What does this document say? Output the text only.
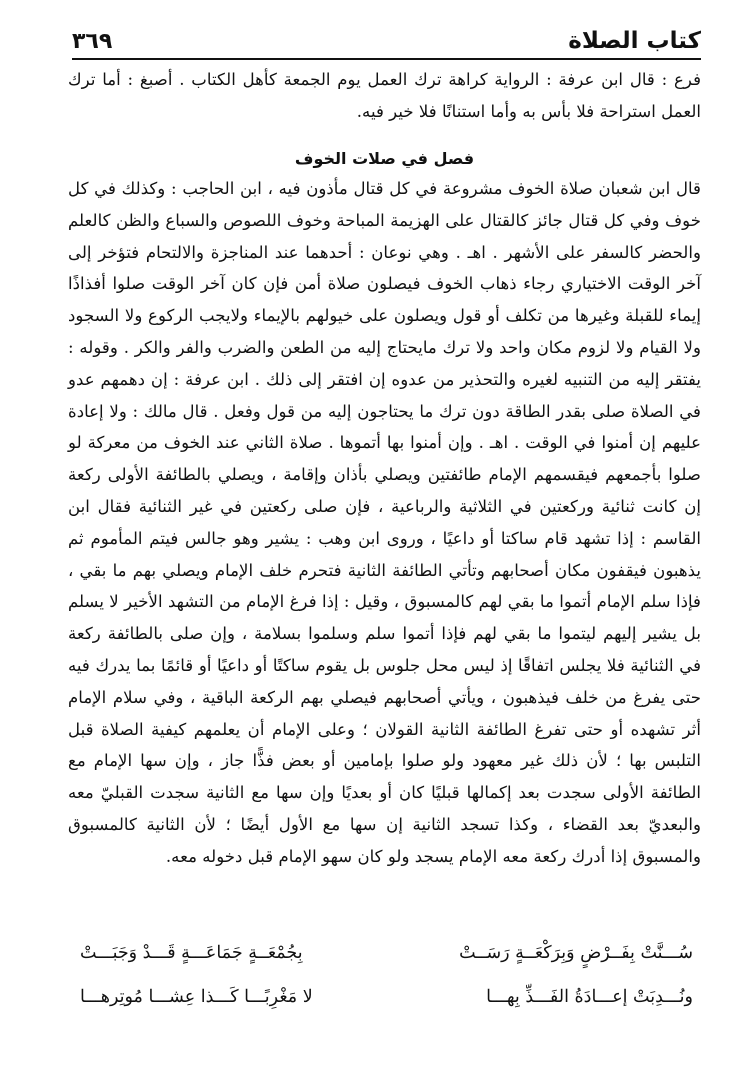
كتاب الصلاة
٣٦٩

فرع : قال ابن عرفة : الرواية كراهة ترك العمل يوم الجمعة كأهل الكتاب . أصبغ : أما ترك العمل استراحة فلا بأس به وأما استنانًا فلا خير فيه.

فصل في صلات الخوف

قال ابن شعبان صلاة الخوف مشروعة في كل قتال مأذون فيه ، ابن الحاجب : وكذلك في كل خوف وفي كل قتال جائز كالقتال على الهزيمة المباحة وخوف اللصوص والسباع والظن كالعلم والحضر كالسفر على الأشهر . اهـ . وهي نوعان : أحدهما عند المناجزة والالتحام فتؤخر إلى آخر الوقت الاختياري رجاء ذهاب الخوف فيصلون صلاة أمن فإن كان آخر الوقت صلوا أفذاذًا إيماء للقبلة وغيرها من تكلف أو قول ويصلون على خيولهم بالإيماء ولايجب الركوع ولا السجود ولا القيام ولا لزوم مكان واحد ولا ترك مايحتاج إليه من الطعن والضرب والفر والكر . وقوله : يفتقر إليه من التنبيه لغيره والتحذير من عدوه إن افتقر إلى ذلك . ابن عرفة : إن دهمهم عدو في الصلاة صلى بقدر الطاقة دون ترك ما يحتاجون إليه من قول وفعل . قال مالك : ولا إعادة عليهم إن أمنوا في الوقت . اهـ . وإن أمنوا بها أتموها . صلاة الثاني عند الخوف من معركة لو صلوا بأجمعهم فيقسمهم الإمام طائفتين ويصلي بأذان وإقامة ، ويصلي بالطائفة الأولى ركعة إن كانت ثنائية وركعتين في الثلاثية والرباعية ، فإن صلى ركعتين في غير الثنائية فقال ابن القاسم : إذا تشهد قام ساكتا أو داعيًا ، وروى ابن وهب : يشير وهو جالس فيتم المأموم ثم يذهبون فيقفون مكان أصحابهم وتأتي الطائفة الثانية فتحرم خلف الإمام ويصلي بهم ما بقي ، فإذا سلم الإمام أتموا ما بقي لهم كالمسبوق ، وقيل : إذا فرغ الإمام من التشهد الأخير لا يسلم بل يشير إليهم ليتموا ما بقي لهم فإذا أتموا سلم وسلموا بسلامة ، وإن صلى بالطائفة ركعة في الثنائية فلا يجلس اتفاقًا إذ ليس محل جلوس بل يقوم ساكتًا أو داعيًا أو قائمًا بما يدرك فيه حتى يفرغ من خلف فيذهبون ، ويأتي أصحابهم فيصلي بهم الركعة الباقية ، وفي سلام الإمام أثر تشهده أو حتى تفرغ الطائفة الثانية القولان ؛ وعلى الإمام أن يعلمهم كيفية الصلاة قبل التلبس بها ؛ لأن ذلك غير معهود ولو صلوا بإمامين أو بعض فذًّا جاز ، وإن سها الإمام مع الطائفة الأولى سجدت بعد إكمالها قبليًا كان أو بعديًا وإن سها مع الثانية سجدت القبليّ معه والبعديّ بعد القضاء ، وكذا تسجد الثانية إن سها مع الأول أيضًا ؛ لأن الثانية كالمسبوق والمسبوق إذا أدرك ركعة معه الإمام يسجد ولو كان سهو الإمام قبل دخوله معه.

سُـــنَّتْ بِفَــرْضٍ وَبِرَكْعَــةٍ رَسَــتْ
بِجُمْعَــةٍ جَمَاعَـــةٍ قَـــدْ وَجَبَـــتْ
ونُـــدِبَتْ إعـــادَةُ الفَـــذِّ بِهـــا
لا مَغْرِبًـــا كَـــذا عِشـــا مُوتِرهـــا
